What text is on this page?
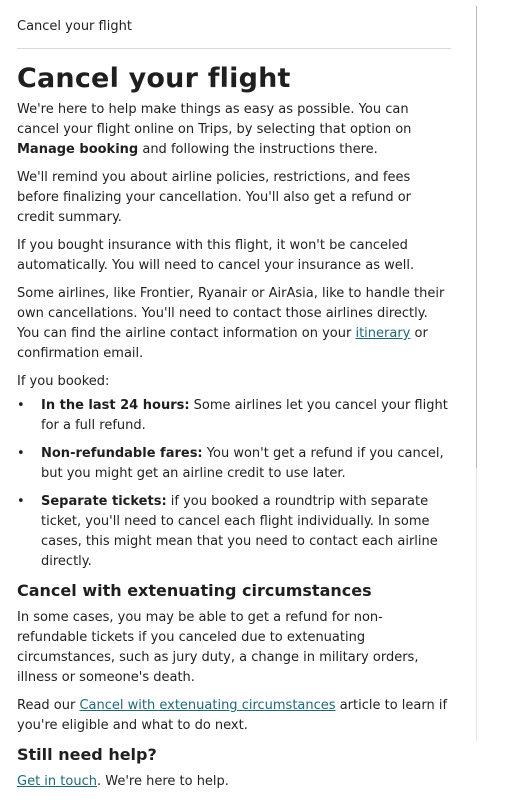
Cancel your flight
Cancel your flight

We're here to help make things as easy as possible. You can cancel your flight online on Trips, by selecting that option on Manage booking and following the instructions there.

We'll remind you about airline policies, restrictions, and fees before finalizing your cancellation. You'll also get a refund or credit summary.

If you bought insurance with this flight, it won't be canceled automatically. You will need to cancel your insurance as well.

Some airlines, like Frontier, Ryanair or AirAsia, like to handle their own cancellations. You'll need to contact those airlines directly. You can find the airline contact information on your itinerary or confirmation email.

If you booked:

• In the last 24 hours: Some airlines let you cancel your flight for a full refund.
• Non-refundable fares: You won't get a refund if you cancel, but you might get an airline credit to use later.
• Separate tickets: if you booked a roundtrip with separate ticket, you'll need to cancel each flight individually. In some cases, this might mean that you need to contact each airline directly.
Cancel with extenuating circumstances

In some cases, you may be able to get a refund for non-refundable tickets if you canceled due to extenuating circumstances, such as jury duty, a change in military orders, illness or someone's death.

Read our Cancel with extenuating circumstances article to learn if you're eligible and what to do next.

Still need help?

Get in touch. We're here to help.
